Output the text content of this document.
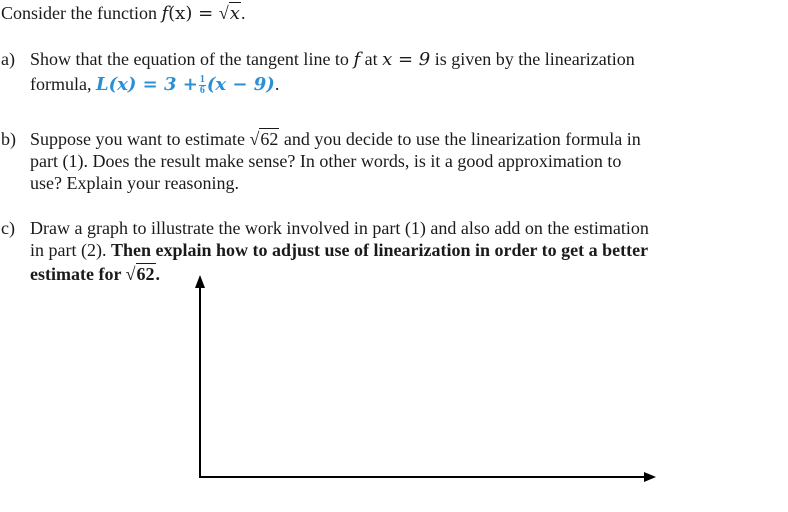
Consider the function f(x) = √x.
a) Show that the equation of the tangent line to f at x = 9 is given by the linearization
formula, $L(x) = 3 + \frac{1}{6} (x - 9)$.
b) Suppose you want to estimate √62 and you decide to use the linearization formula in
part (1). Does the result make sense? In other words, is it a good approximation to
use? Explain your reasoning.
c) Draw a graph to illustrate the work involved in part (1) and also add on the estimation
in part (2). Then explain how to adjust use of linearization in order to get a better
estimate for √62.
